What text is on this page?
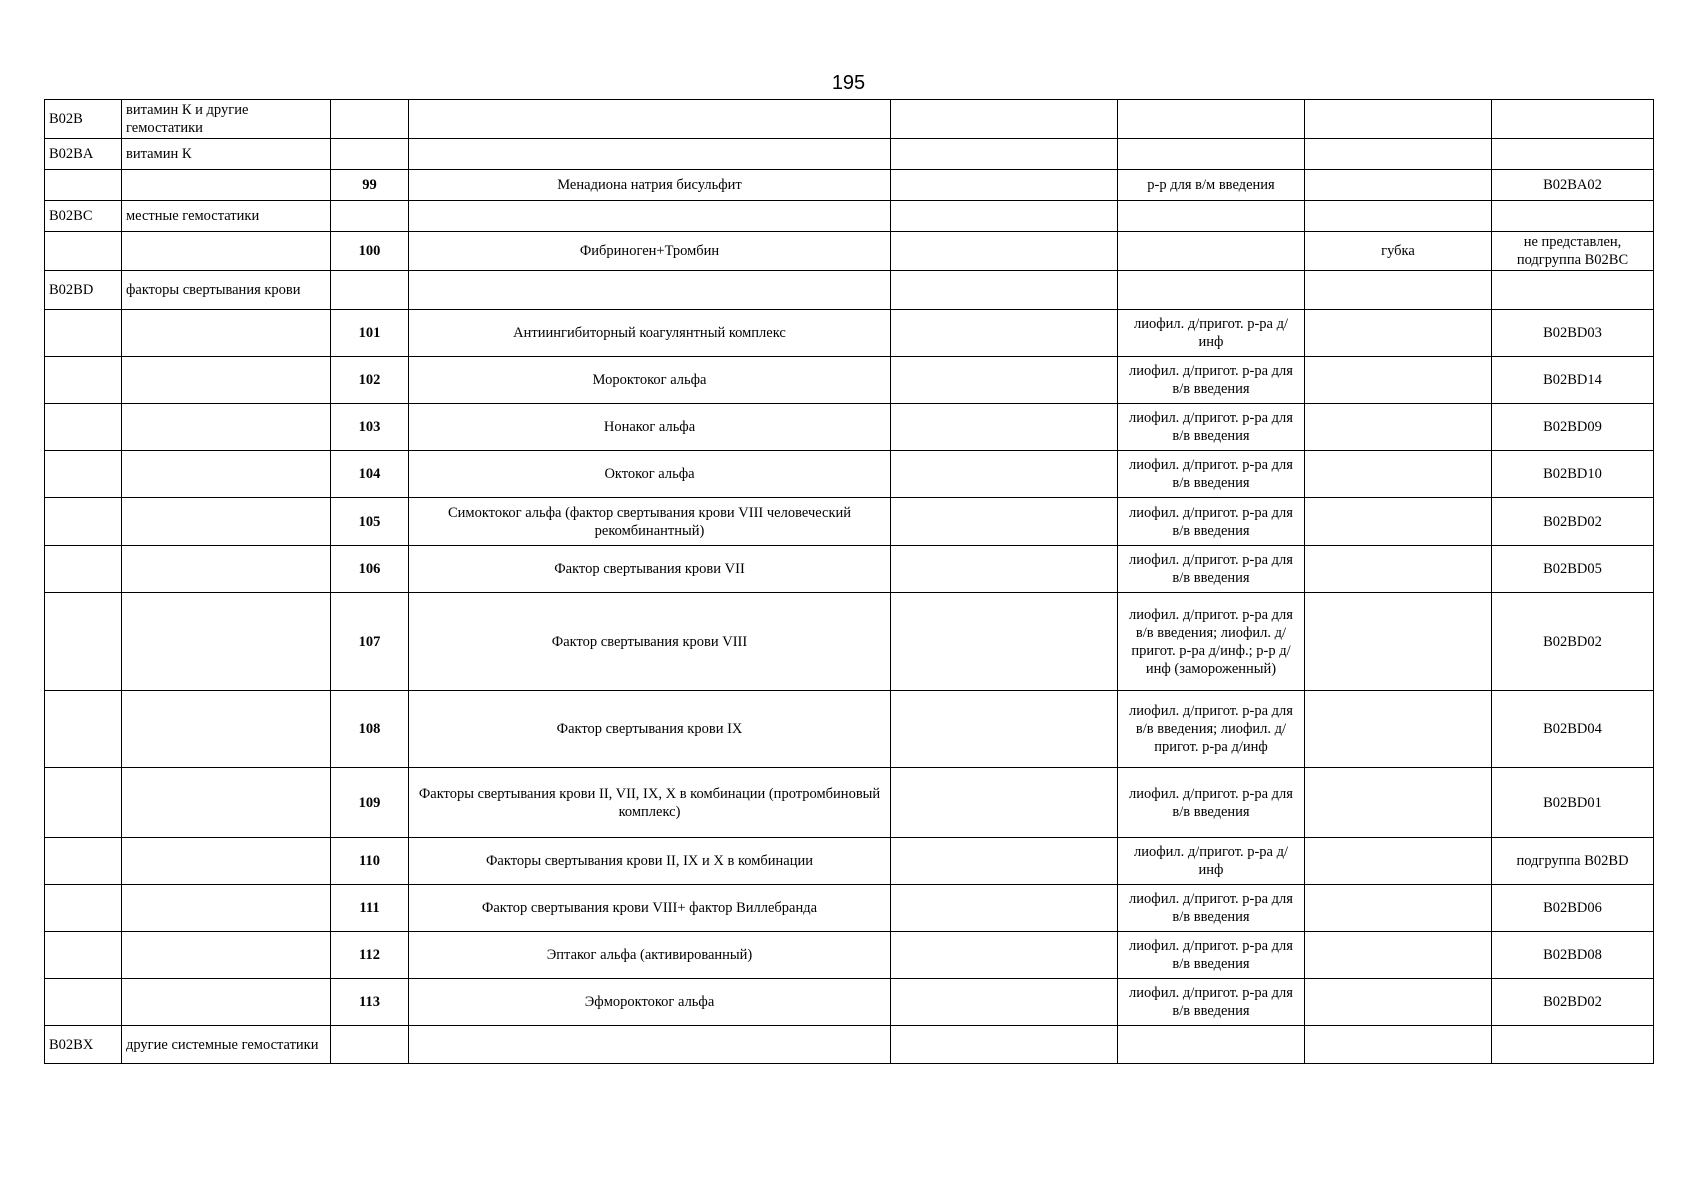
195
B02B	витамин К и другие гемостатики						
B02BA	витамин К						
		99	Менадиона натрия бисульфит		р-р для в/м введения		B02BA02
B02BC	местные гемостатики						
		100	Фибриноген+Тромбин			губка	не представлен, подгруппа B02BC
B02BD	факторы свертывания крови						
		101	Антиингибиторный коагулянтный комплекс		лиофил. д/пригот. р-ра д/инф		B02BD03
		102	Мороктоког альфа		лиофил. д/пригот. р-ра для в/в введения		B02BD14
		103	Нонаког альфа		лиофил. д/пригот. р-ра для в/в введения		B02BD09
		104	Октоког альфа		лиофил. д/пригот. р-ра для в/в введения		B02BD10
		105	Симоктоког альфа (фактор свертывания крови VIII человеческий рекомбинантный)		лиофил. д/пригот. р-ра для в/в введения		B02BD02
		106	Фактор свертывания крови VII		лиофил. д/пригот. р-ра для в/в введения		B02BD05
		107	Фактор свертывания крови VIII		лиофил. д/пригот. р-ра для в/в введения; лиофил. д/пригот. р-ра д/инф.; р-р д/инф (замороженный)		B02BD02
		108	Фактор свертывания крови IX		лиофил. д/пригот. р-ра для в/в введения; лиофил. д/пригот. р-ра д/инф		B02BD04
		109	Факторы свертывания крови II, VII, IX, X в комбинации (протромбиновый комплекс)		лиофил. д/пригот. р-ра для в/в введения		B02BD01
		110	Факторы свертывания крови II, IX и X в комбинации		лиофил. д/пригот. р-ра д/инф		подгруппа B02BD
		111	Фактор свертывания крови VIII+ фактор Виллебранда		лиофил. д/пригот. р-ра для в/в введения		B02BD06
		112	Эптаког альфа (активированный)		лиофил. д/пригот. р-ра для в/в введения		B02BD08
		113	Эфмороктоког альфа		лиофил. д/пригот. р-ра для в/в введения		B02BD02
B02BX	другие системные гемостатики						
